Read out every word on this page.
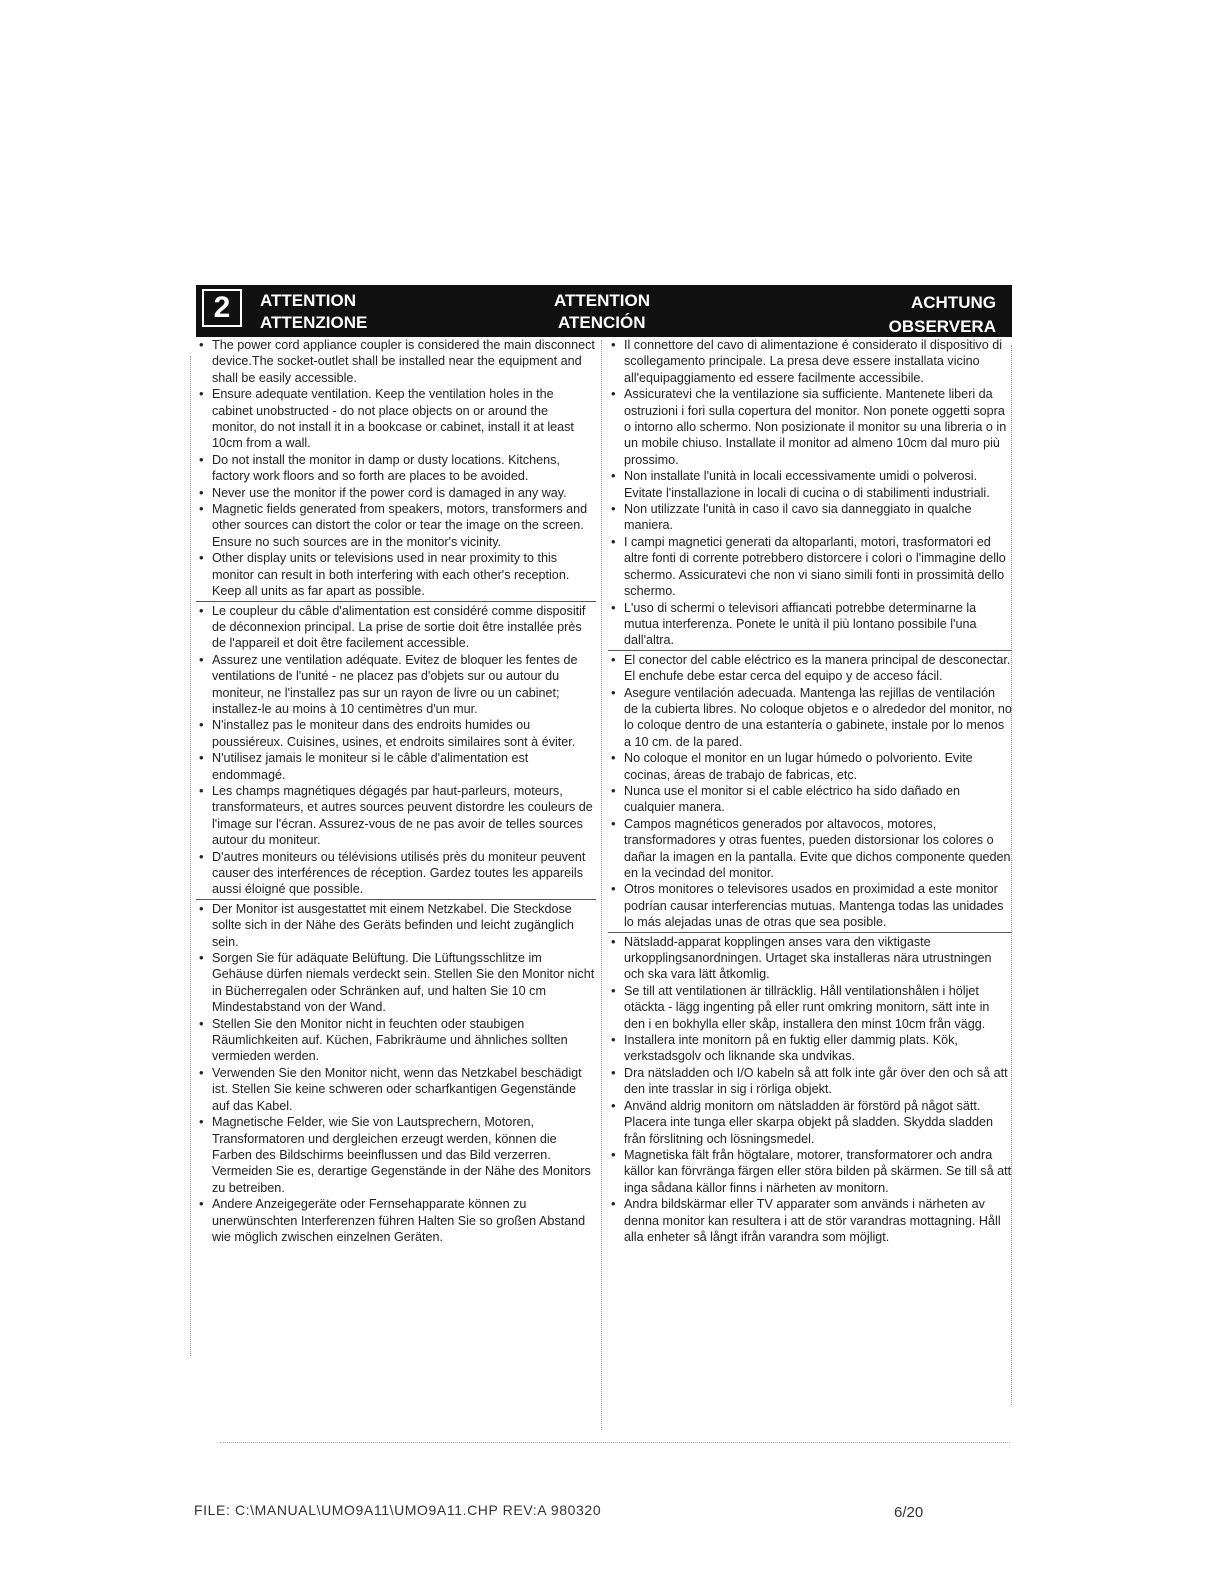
2	ATTENTION
ATTENZIONE
ATTENTION
ATENCIÓN
ACHTUNG
OBSERVERA
• The power cord appliance coupler is considered the main disconnect device.The socket-outlet shall be installed near the equipment and shall be easily accessible.
• Ensure adequate ventilation. Keep the ventilation holes in the cabinet unobstructed - do not place objects on or around the monitor, do not install it in a bookcase or cabinet, install it at least 10cm from a wall.
• Do not install the monitor in damp or dusty locations. Kitchens, factory work floors and so forth are places to be avoided.
• Never use the monitor if the power cord is damaged in any way.
• Magnetic fields generated from speakers, motors, transformers and other sources can distort the color or tear the image on the screen. Ensure no such sources are in the monitor's vicinity.
• Other display units or televisions used in near proximity to this monitor can result in both interfering with each other's reception. Keep all units as far apart as possible.
• Le coupleur du câble d'alimentation est considéré comme dispositif de déconnexion principal. La prise de sortie doit être installée près de l'appareil et doit être facilement accessible.
• Assurez une ventilation adéquate. Evitez de bloquer les fentes de ventilations de l'unité - ne placez pas d'objets sur ou autour du moniteur, ne l'installez pas sur un rayon de livre ou un cabinet; installez-le au moins à 10 centimètres d'un mur.
• N'installez pas le moniteur dans des endroits humides ou poussiéreux. Cuisines, usines, et endroits similaires sont à éviter.
• N'utilisez jamais le moniteur si le câble d'alimentation est endommagé.
• Les champs magnétiques dégagés par haut-parleurs, moteurs, transformateurs, et autres sources peuvent distordre les couleurs de l'image sur l'écran. Assurez-vous de ne pas avoir de telles sources autour du moniteur.
• D'autres moniteurs ou télévisions utilisés près du moniteur peuvent causer des interférences de réception. Gardez toutes les appareils aussi éloigné que possible.
• Der Monitor ist ausgestattet mit einem Netzkabel. Die Steckdose sollte sich in der Nähe des Geräts befinden und leicht zugänglich sein.
• Sorgen Sie für adäquate Belüftung. Die Lüftungsschlitze im Gehäuse dürfen niemals verdeckt sein. Stellen Sie den Monitor nicht in Bücherregalen oder Schränken auf, und halten Sie 10 cm Mindestabstand von der Wand.
• Stellen Sie den Monitor nicht in feuchten oder staubigen Räumlichkeiten auf. Küchen, Fabrikräume und ähnliches sollten vermieden werden.
• Verwenden Sie den Monitor nicht, wenn das Netzkabel beschädigt ist. Stellen Sie keine schweren oder scharfkantigen Gegenstände auf das Kabel.
• Magnetische Felder, wie Sie von Lautsprechern, Motoren, Transformatoren und dergleichen erzeugt werden, können die Farben des Bildschirms beeinflussen und das Bild verzerren. Vermeiden Sie es, derartige Gegenstände in der Nähe des Monitors zu betreiben.
• Andere Anzeigegeräte oder Fernsehapparate können zu unerwünschten Interferenzen führen Halten Sie so großen Abstand wie möglich zwischen einzelnen Geräten.
• Il connettore del cavo di alimentazione é considerato il dispositivo di scollegamento principale. La presa deve essere installata vicino all'equipaggiamento ed essere facilmente accessibile.
• Assicuratevi che la ventilazione sia sufficiente. Mantenete liberi da ostruzioni i fori sulla copertura del monitor. Non ponete oggetti sopra o intorno allo schermo. Non posizionate il monitor su una libreria o in un mobile chiuso. Installate il monitor ad almeno 10cm dal muro più prossimo.
• Non installate l'unità in locali eccessivamente umidi o polverosi. Evitate l'installazione in locali di cucina o di stabilimenti industriali.
• Non utilizzate l'unità in caso il cavo sia danneggiato in qualche maniera.
• I campi magnetici generati da altoparlanti, motori, trasformatori ed altre fonti di corrente potrebbero distorcere i colori o l'immagine dello schermo. Assicuratevi che non vi siano simili fonti in prossimità dello schermo.
• L'uso di schermi o televisori affiancati potrebbe determinarne la mutua interferenza. Ponete le unità il più lontano possibile l'una dall'altra.
• El conector del cable eléctrico es la manera principal de desconectar. El enchufe debe estar cerca del equipo y de acceso fácil.
• Asegure ventilación adecuada. Mantenga las rejillas de ventilación de la cubierta libres. No coloque objetos e o alrededor del monitor, no lo coloque dentro de una estantería o gabinete, instale por lo menos a 10 cm. de la pared.
• No coloque el monitor en un lugar húmedo o polvoriento. Evite cocinas, áreas de trabajo de fabricas, etc.
• Nunca use el monitor si el cable eléctrico ha sido dañado en cualquier manera.
• Campos magnéticos generados por altavocos, motores, transformadores y otras fuentes, pueden distorsionar los colores o dañar la imagen en la pantalla. Evite que dichos componente queden en la vecindad del monitor.
• Otros monitores o televisores usados en proximidad a este monitor podrían causar interferencias mutuas. Mantenga todas las unidades lo más alejadas unas de otras que sea posible.
• Nätsladd-apparat kopplingen anses vara den viktigaste urkopplingsanordningen. Urtaget ska installeras nära utrustningen och ska vara lätt åtkomlig.
• Se till att ventilationen är tillräcklig. Håll ventilationshålen i höljet otäckta - lägg ingenting på eller runt omkring monitorn, sätt inte in den i en bokhylla eller skåp, installera den minst 10cm från vägg.
• Installera inte monitorn på en fuktig eller dammig plats. Kök, verkstadsgolv och liknande ska undvikas.
• Dra nätsladden och I/O kabeln så att folk inte går över den och så att den inte trasslar in sig i rörliga objekt.
• Använd aldrig monitorn om nätsladden är förstörd på något sätt. Placera inte tunga eller skarpa objekt på sladden. Skydda sladden från förslitning och lösningsmedel.
• Magnetiska fält från högtalare, motorer, transformatorer och andra källor kan förvränga färgen eller störa bilden på skärmen. Se till så att inga sådana källor finns i närheten av monitorn.
• Andra bildskärmar eller TV apparater som används i närheten av denna monitor kan resultera i att de stör varandras mottagning. Håll alla enheter så långt ifrån varandra som möjligt.
FILE: C:\MANUAL\UMO9A11\UMO9A11.CHP REV:A 980320	6/20
